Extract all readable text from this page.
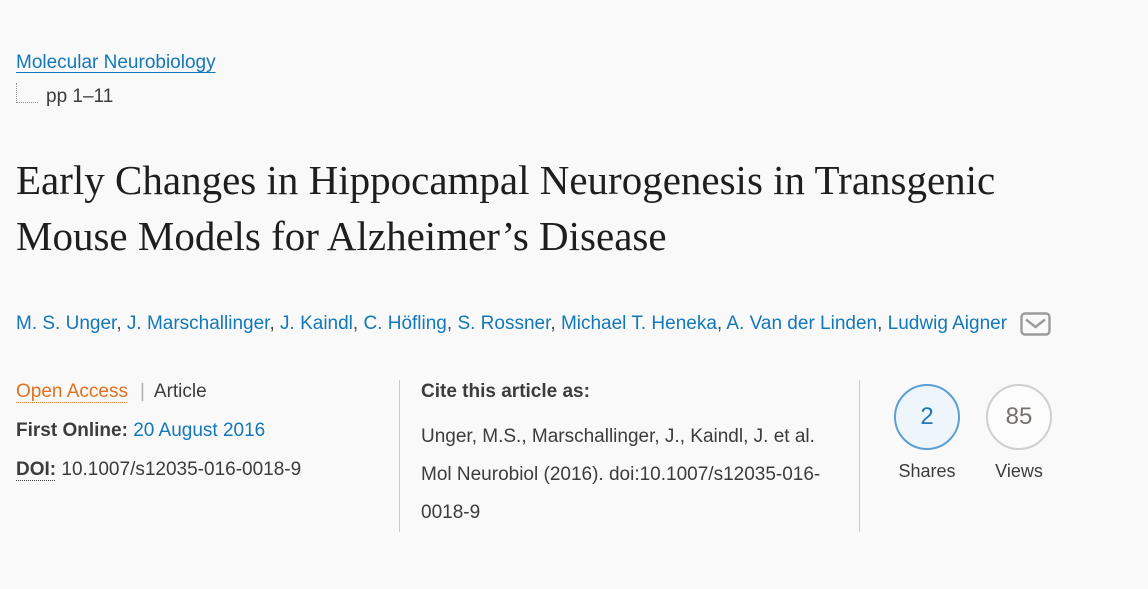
Molecular Neurobiology
pp 1–11
Early Changes in Hippocampal Neurogenesis in Transgenic Mouse Models for Alzheimer’s Disease
M. S. Unger, J. Marschallinger, J. Kaindl, C. Höfling, S. Rossner, Michael T. Heneka, A. Van der Linden, Ludwig Aigner
Open Access | Article
First Online: 20 August 2016
DOI: 10.1007/s12035-016-0018-9
Cite this article as:
Unger, M.S., Marschallinger, J., Kaindl, J. et al. Mol Neurobiol (2016). doi:10.1007/s12035-016-0018-9
2
Shares
85
Views
